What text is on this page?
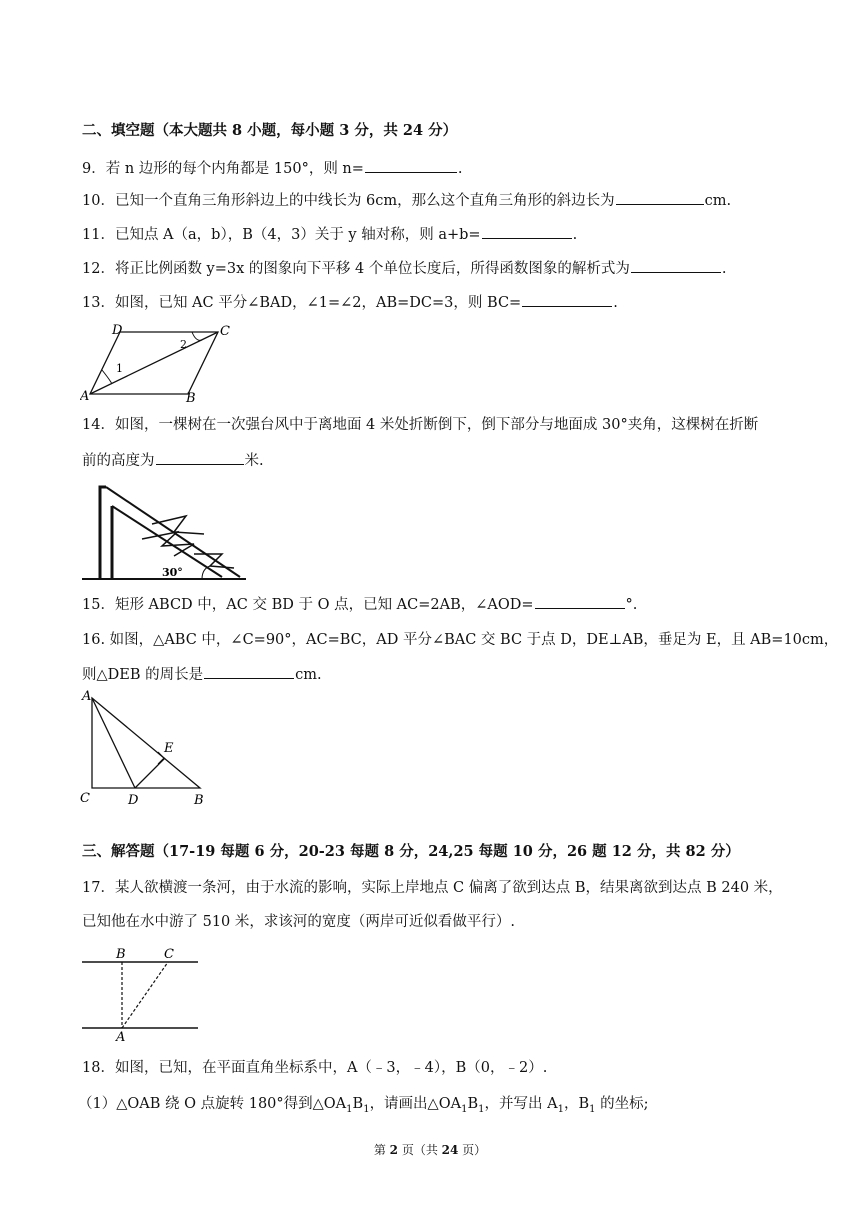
二、填空题（本大题共 8 小题，每小题 3 分，共 24 分）
9．若 n 边形的每个内角都是 150°，则 n=	.
10．已知一个直角三角形斜边上的中线长为 6cm，那么这个直角三角形的斜边长为	cm.
11．已知点 A（a，b），B（4，3）关于 y 轴对称，则 a+b=	.
12．将正比例函数 y=3x 的图象向下平移 4 个单位长度后，所得函数图象的解析式为	.
13．如图，已知 AC 平分∠BAD，∠1=∠2，AB=DC=3，则 BC=	.
D	C
A	B
1
2
14．如图，一棵树在一次强台风中于离地面 4 米处折断倒下，倒下部分与地面成 30°夹角，这棵树在折断
前的高度为	米.
30°
15．矩形 ABCD 中，AC 交 BD 于 O 点，已知 AC=2AB，∠AOD=	°.
16. 如图，△ABC 中，∠C=90°，AC=BC，AD 平分∠BAC 交 BC 于点 D，DE⊥AB，垂足为 E，且 AB=10cm，
则△DEB 的周长是	cm.
A
E
C	D	B
三、解答题（17-19 每题 6 分，20-23 每题 8 分，24,25 每题 10 分，26 题 12 分，共 82 分）
17．某人欲横渡一条河，由于水流的影响，实际上岸地点 C 偏离了欲到达点 B，结果离欲到达点 B 240 米，
已知他在水中游了 510 米，求该河的宽度（两岸可近似看做平行）.
B	C
A
18．如图，已知，在平面直角坐标系中，A（﹣3，﹣4），B（0，﹣2）.
（1）△OAB 绕 O 点旋转 180°得到$\triangle OA_1B_1$，请画出$\triangle OA_1B_1$，并写出 $A_1$，$B_1$ 的坐标;
第 2 页（共 24 页）
